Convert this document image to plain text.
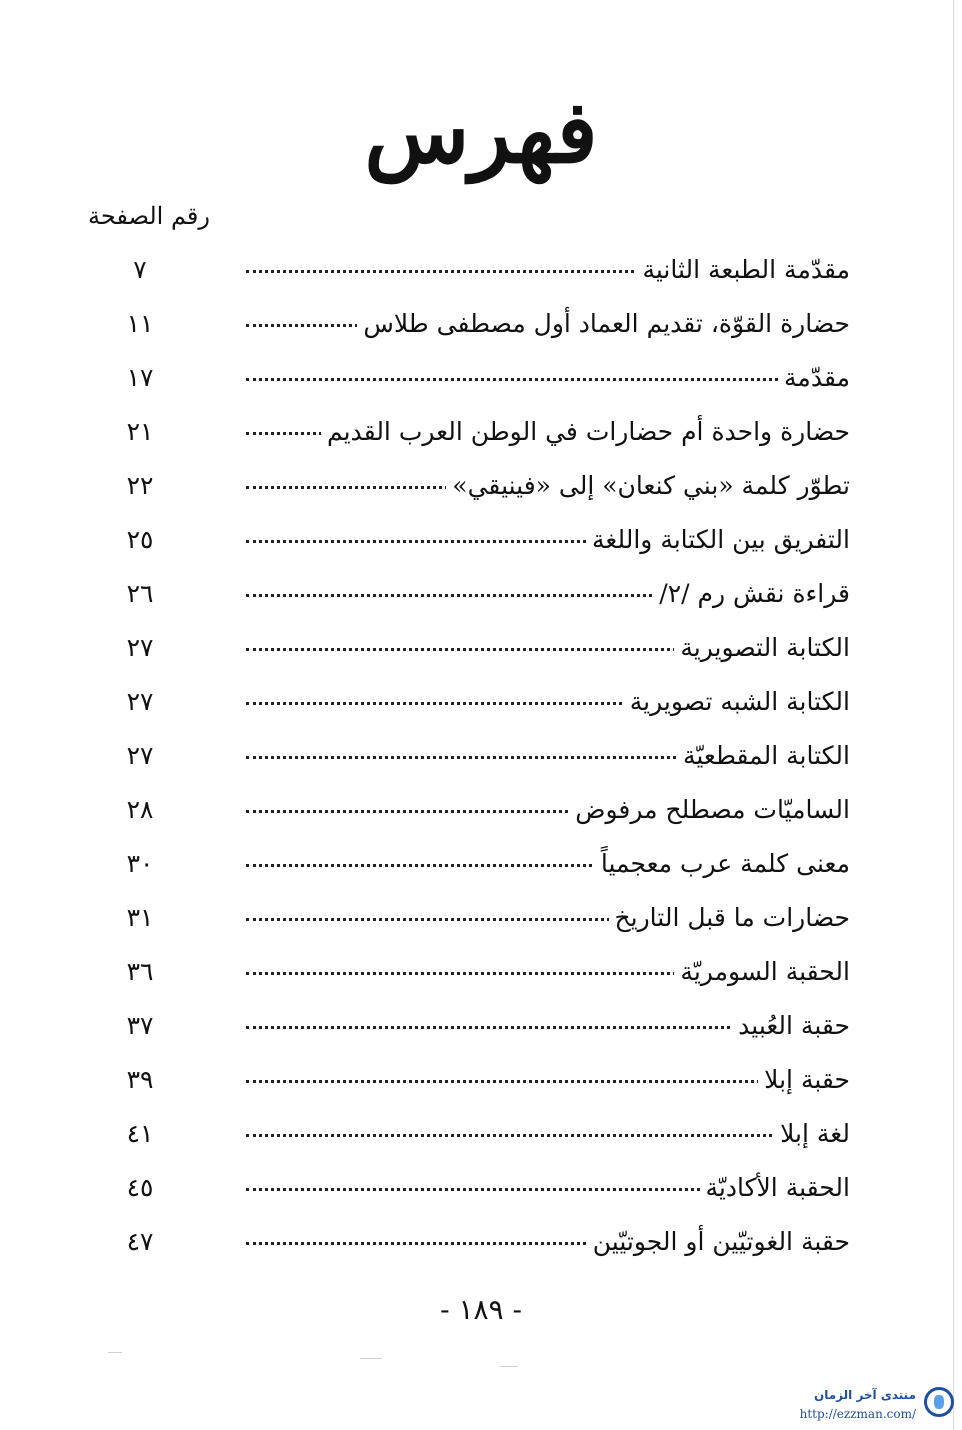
فهرس
رقم الصفحة
مقدّمة الطبعة الثانية
٧
حضارة القوّة، تقديم العماد أول مصطفى طلاس
١١
مقدّمة
١٧
حضارة واحدة أم حضارات في الوطن العرب القديم
٢١
تطوّر كلمة «بني كنعان» إلى «فينيقي»
٢٢
التفريق بين الكتابة واللغة
٢٥
قراءة نقش رم /٢/
٢٦
الكتابة التصويرية
٢٧
الكتابة الشبه تصويرية
٢٧
الكتابة المقطعيّة
٢٧
الساميّات مصطلح مرفوض
٢٨
معنى كلمة عرب معجمياً
٣٠
حضارات ما قبل التاريخ
٣١
الحقبة السومريّة
٣٦
حقبة العُبيد
٣٧
حقبة إبلا
٣٩
لغة إبلا
٤١
الحقبة الأكاديّة
٤٥
حقبة الغوتيّين أو الجوتيّين
٤٧
- ١٨٩ -
منتدى آخر الزمان
http://ezzman.com/
